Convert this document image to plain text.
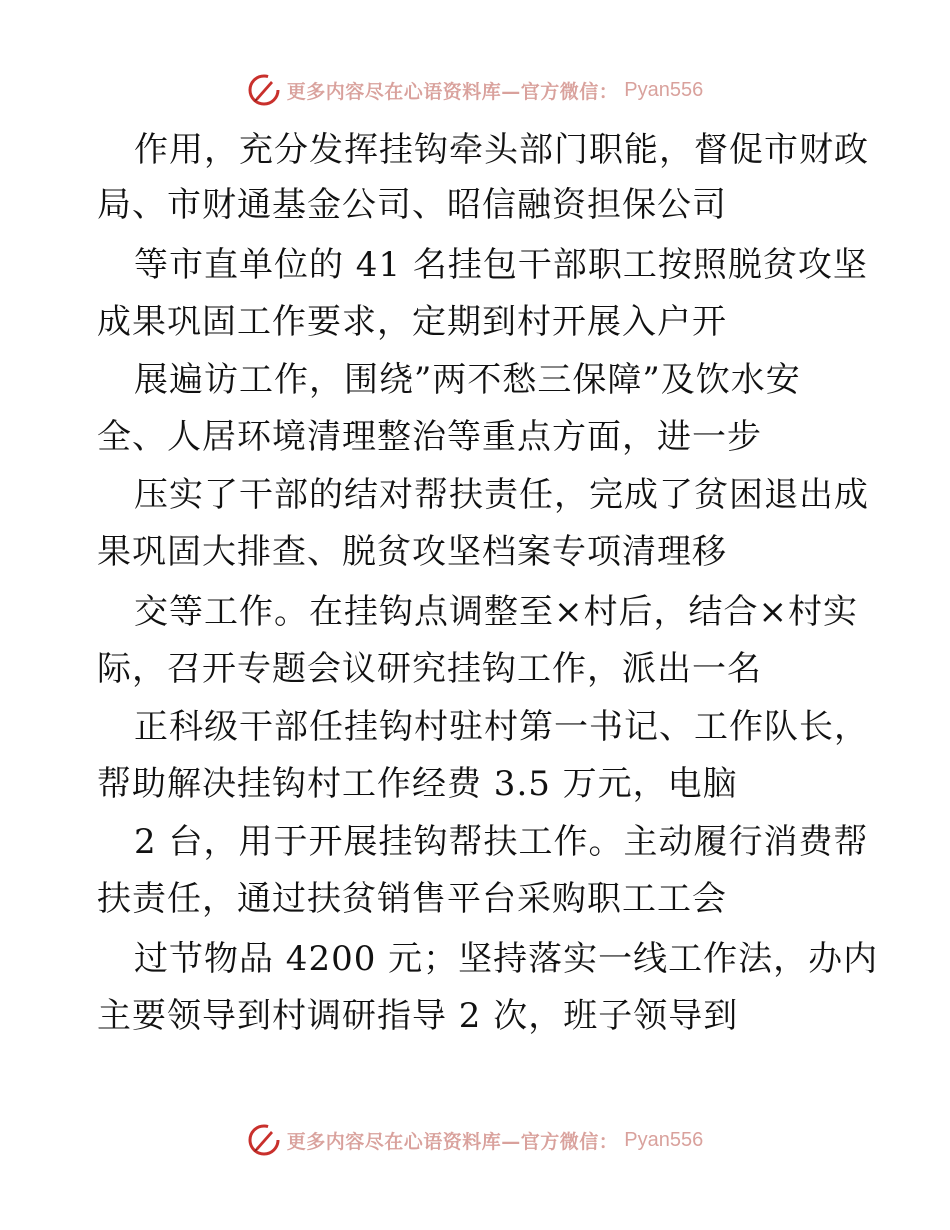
更多内容尽在心语资料库—官方微信： Pyan556
作用，充分发挥挂钩牵头部门职能，督促市财政
局、市财通基金公司、昭信融资担保公司
等市直单位的 41 名挂包干部职工按照脱贫攻坚
成果巩固工作要求，定期到村开展入户开
展遍访工作，围绕”两不愁三保障”及饮水安
全、人居环境清理整治等重点方面，进一步
压实了干部的结对帮扶责任，完成了贫困退出成
果巩固大排查、脱贫攻坚档案专项清理移
交等工作。在挂钩点调整至×村后，结合×村实
际，召开专题会议研究挂钩工作，派出一名
正科级干部任挂钩村驻村第一书记、工作队长，
帮助解决挂钩村工作经费 3.5 万元，电脑
2 台，用于开展挂钩帮扶工作。主动履行消费帮
扶责任，通过扶贫销售平台采购职工工会
过节物品 4200 元；坚持落实一线工作法，办内
主要领导到村调研指导 2 次，班子领导到
更多内容尽在心语资料库—官方微信： Pyan556
